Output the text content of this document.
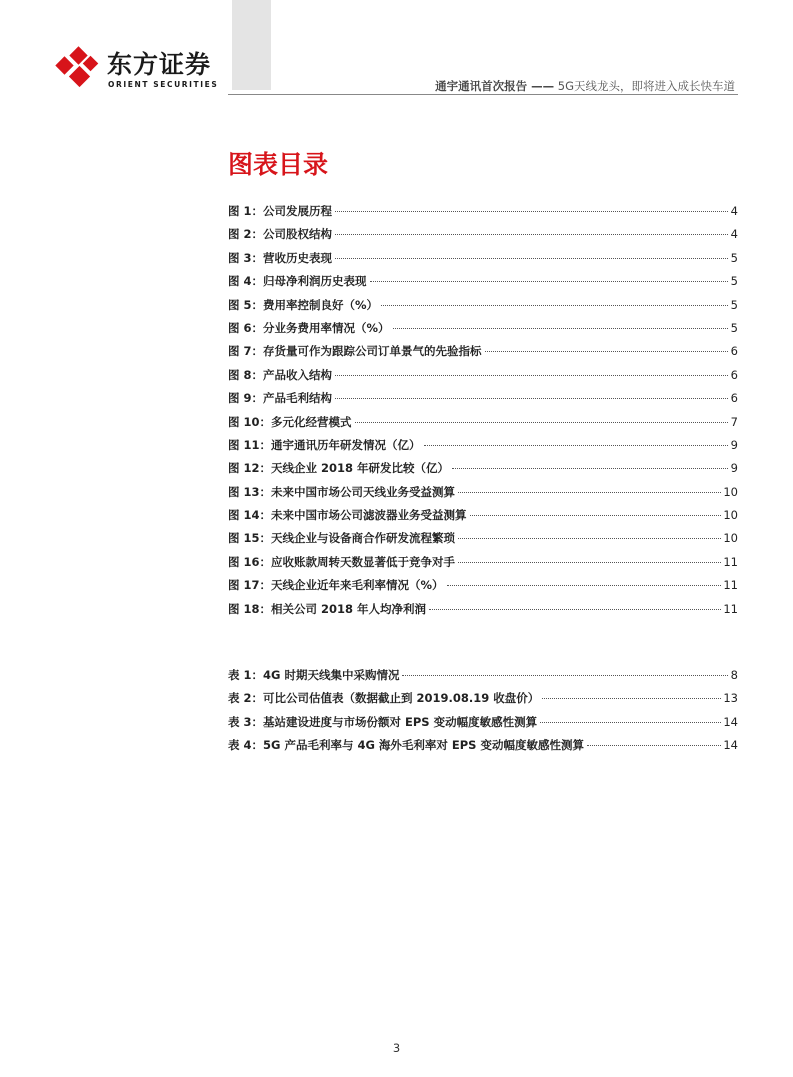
东方证券
ORIENT SECURITIES	通宇通讯首次报告 —— 5G天线龙头，即将进入成长快车道
图表目录
图 1：公司发展历程	4
图 2：公司股权结构	4
图 3：营收历史表现	5
图 4：归母净利润历史表现	5
图 5：费用率控制良好（%）	5
图 6：分业务费用率情况（%）	5
图 7：存货量可作为跟踪公司订单景气的先验指标	6
图 8：产品收入结构	6
图 9：产品毛利结构	6
图 10：多元化经营模式	7
图 11：通宇通讯历年研发情况（亿）	9
图 12：天线企业 2018 年研发比较（亿）	9
图 13：未来中国市场公司天线业务受益测算	10
图 14：未来中国市场公司滤波器业务受益测算	10
图 15：天线企业与设备商合作研发流程繁琐	10
图 16：应收账款周转天数显著低于竞争对手	11
图 17：天线企业近年来毛利率情况（%）	11
图 18：相关公司 2018 年人均净利润	11
表 1：4G 时期天线集中采购情况	8
表 2：可比公司估值表（数据截止到 2019.08.19 收盘价）	13
表 3：基站建设进度与市场份额对 EPS 变动幅度敏感性测算	14
表 4：5G 产品毛利率与 4G 海外毛利率对 EPS 变动幅度敏感性测算	14
3
